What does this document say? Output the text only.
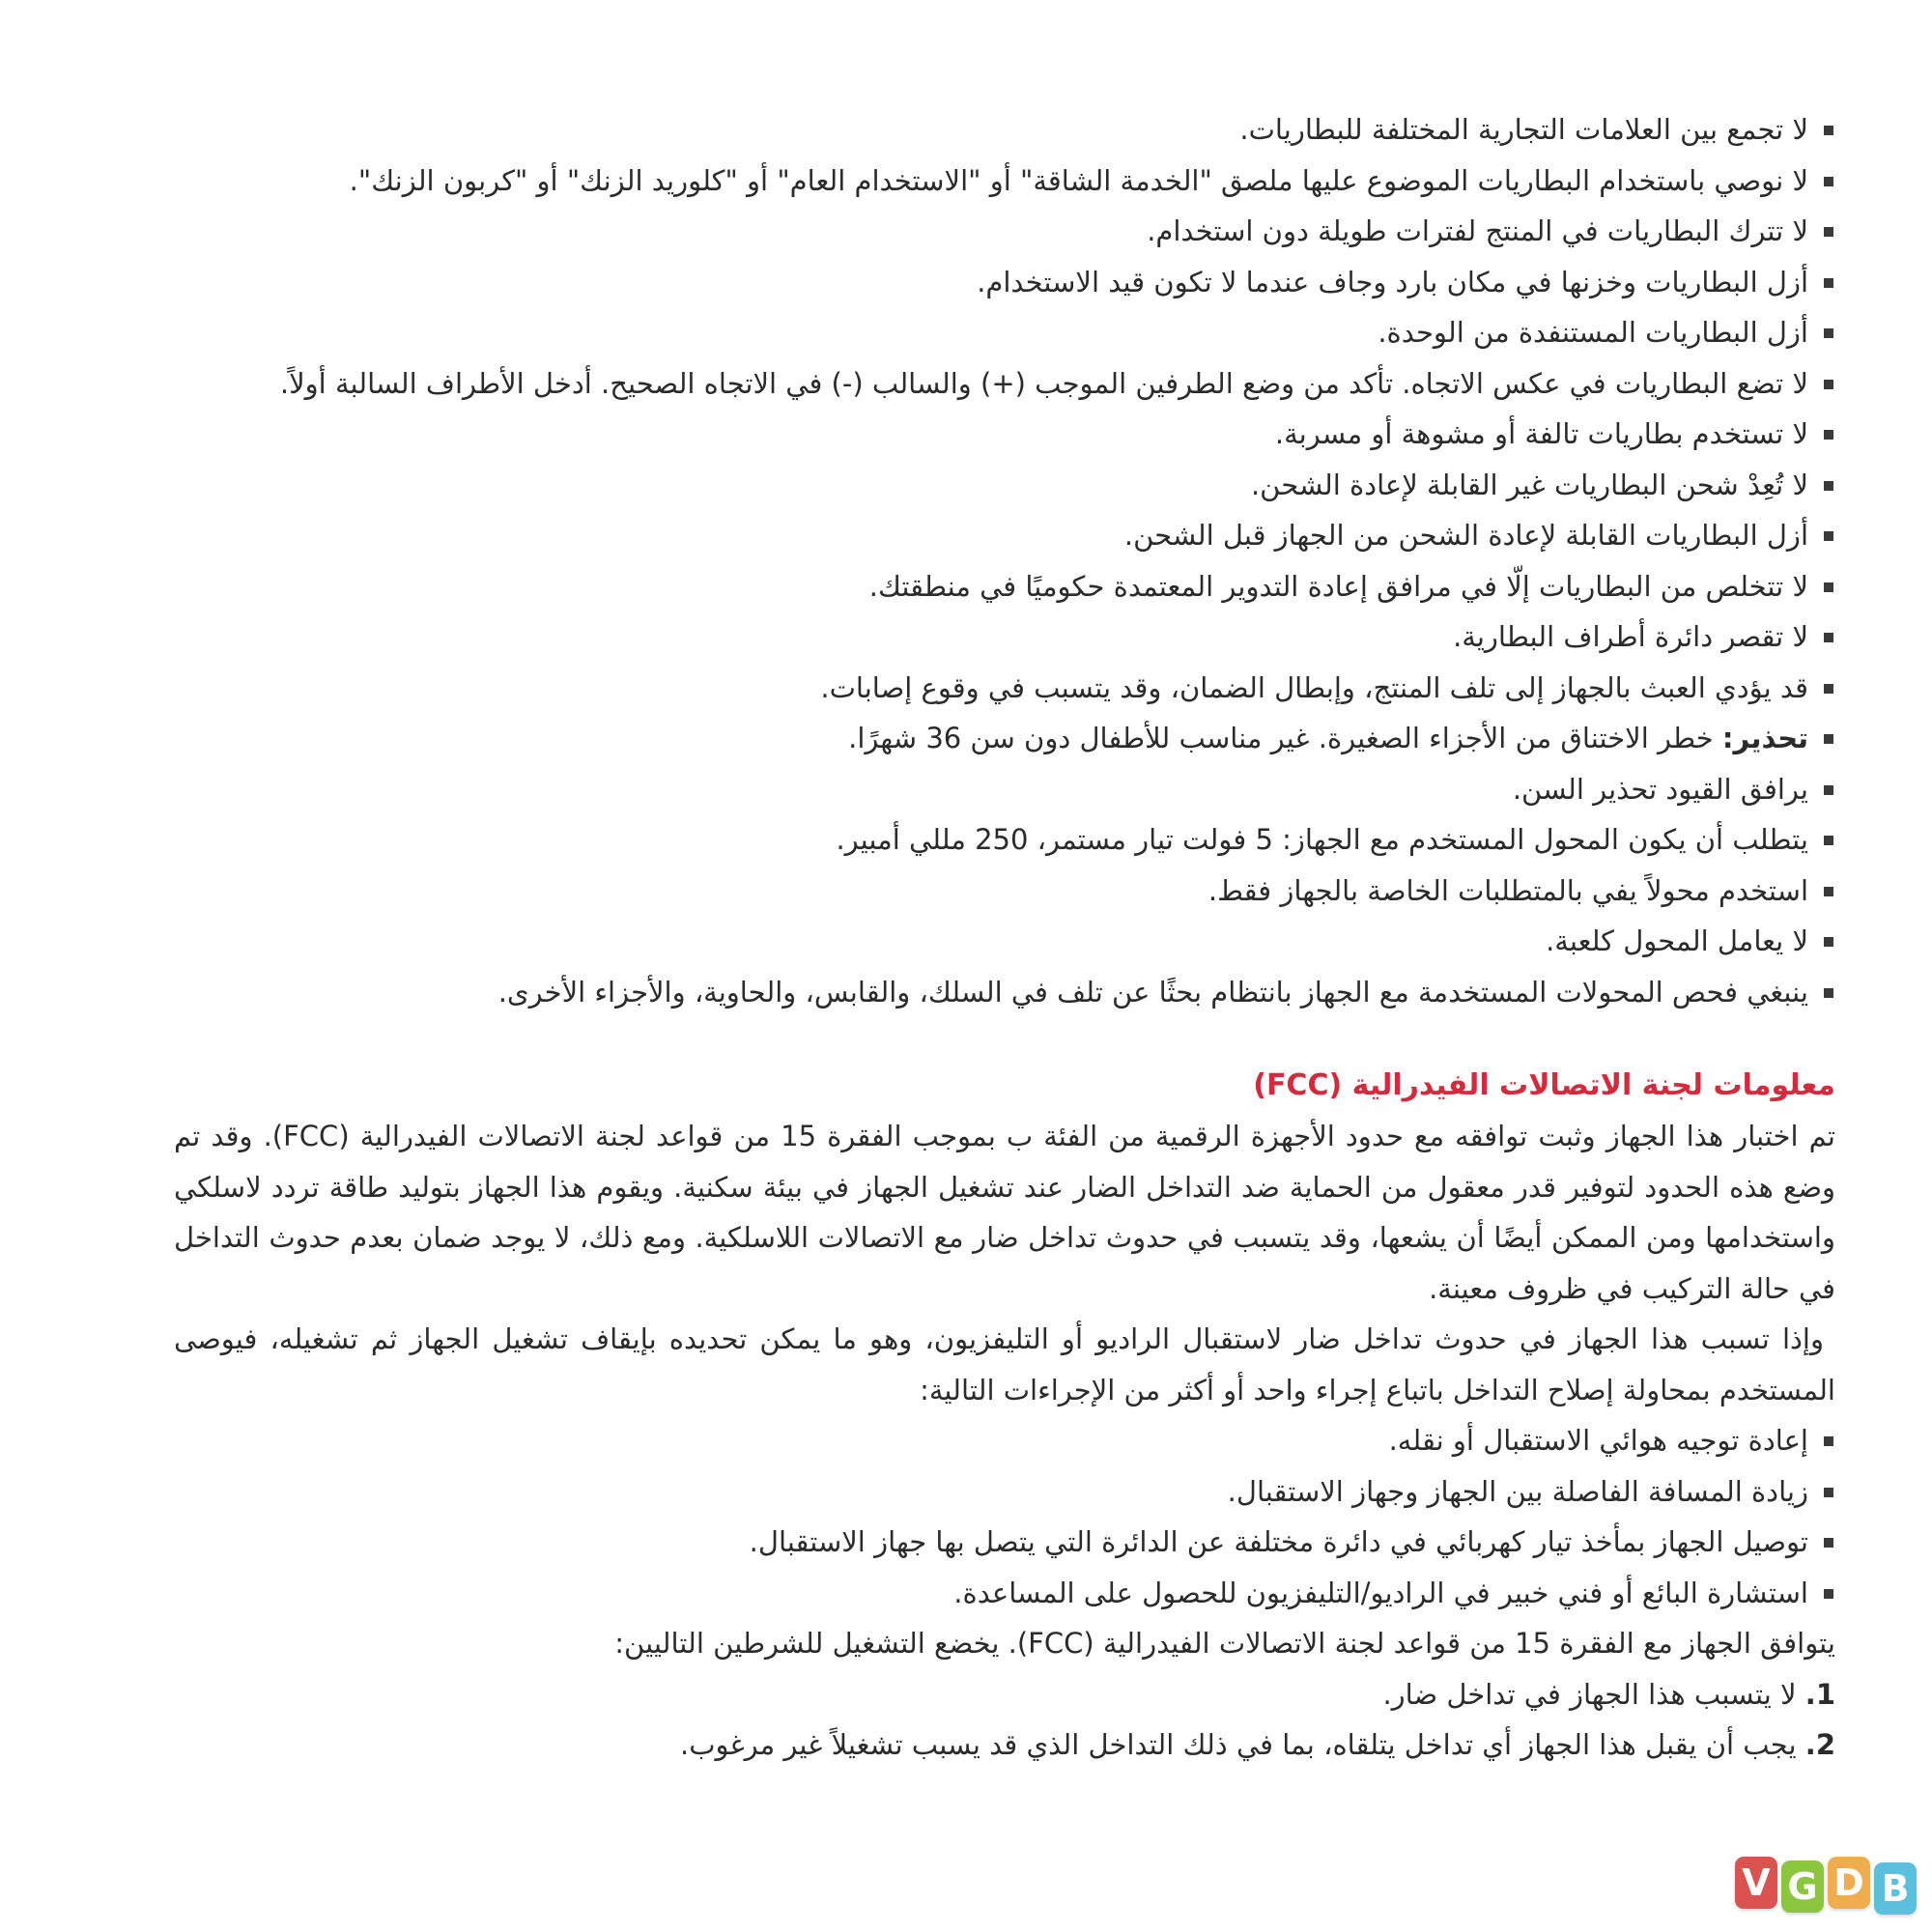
لا تجمع بين العلامات التجارية المختلفة للبطاريات.
لا نوصي باستخدام البطاريات الموضوع عليها ملصق "الخدمة الشاقة" أو "الاستخدام العام" أو "كلوريد الزنك" أو "كربون الزنك".
لا تترك البطاريات في المنتج لفترات طويلة دون استخدام.
أزل البطاريات وخزنها في مكان بارد وجاف عندما لا تكون قيد الاستخدام.
أزل البطاريات المستنفدة من الوحدة.
لا تضع البطاريات في عكس الاتجاه. تأكد من وضع الطرفين الموجب (+) والسالب (-) في الاتجاه الصحيح. أدخل الأطراف السالبة أولاً.
لا تستخدم بطاريات تالفة أو مشوهة أو مسربة.
لا تُعِدْ شحن البطاريات غير القابلة لإعادة الشحن.
أزل البطاريات القابلة لإعادة الشحن من الجهاز قبل الشحن.
لا تتخلص من البطاريات إلّا في مرافق إعادة التدوير المعتمدة حكوميًا في منطقتك.
لا تقصر دائرة أطراف البطارية.
قد يؤدي العبث بالجهاز إلى تلف المنتج، وإبطال الضمان، وقد يتسبب في وقوع إصابات.
تحذير: خطر الاختناق من الأجزاء الصغيرة. غير مناسب للأطفال دون سن 36 شهرًا.
يرافق القيود تحذير السن.
يتطلب أن يكون المحول المستخدم مع الجهاز: 5 فولت تيار مستمر، 250 مللي أمبير.
استخدم محولاً يفي بالمتطلبات الخاصة بالجهاز فقط.
لا يعامل المحول كلعبة.
ينبغي فحص المحولات المستخدمة مع الجهاز بانتظام بحثًا عن تلف في السلك، والقابس، والحاوية، والأجزاء الأخرى.
معلومات لجنة الاتصالات الفيدرالية (FCC)

تم اختبار هذا الجهاز وثبت توافقه مع حدود الأجهزة الرقمية من الفئة ب بموجب الفقرة 15 من قواعد لجنة الاتصالات الفيدرالية (FCC). وقد تم وضع هذه الحدود لتوفير قدر معقول من الحماية ضد التداخل الضار عند تشغيل الجهاز في بيئة سكنية. ويقوم هذا الجهاز بتوليد طاقة تردد لاسلكي واستخدامها ومن الممكن أيضًا أن يشعها، وقد يتسبب في حدوث تداخل ضار مع الاتصالات اللاسلكية. ومع ذلك، لا يوجد ضمان بعدم حدوث التداخل في حالة التركيب في ظروف معينة.

وإذا تسبب هذا الجهاز في حدوث تداخل ضار لاستقبال الراديو أو التليفزيون، وهو ما يمكن تحديده بإيقاف تشغيل الجهاز ثم تشغيله، فيوصى المستخدم بمحاولة إصلاح التداخل باتباع إجراء واحد أو أكثر من الإجراءات التالية:

إعادة توجيه هوائي الاستقبال أو نقله.
زيادة المسافة الفاصلة بين الجهاز وجهاز الاستقبال.
توصيل الجهاز بمأخذ تيار كهربائي في دائرة مختلفة عن الدائرة التي يتصل بها جهاز الاستقبال.
استشارة البائع أو فني خبير في الراديو/التليفزيون للحصول على المساعدة.

يتوافق الجهاز مع الفقرة 15 من قواعد لجنة الاتصالات الفيدرالية (FCC). يخضع التشغيل للشرطين التاليين:

1. لا يتسبب هذا الجهاز في تداخل ضار.
2. يجب أن يقبل هذا الجهاز أي تداخل يتلقاه، بما في ذلك التداخل الذي قد يسبب تشغيلاً غير مرغوب.
V G D B
